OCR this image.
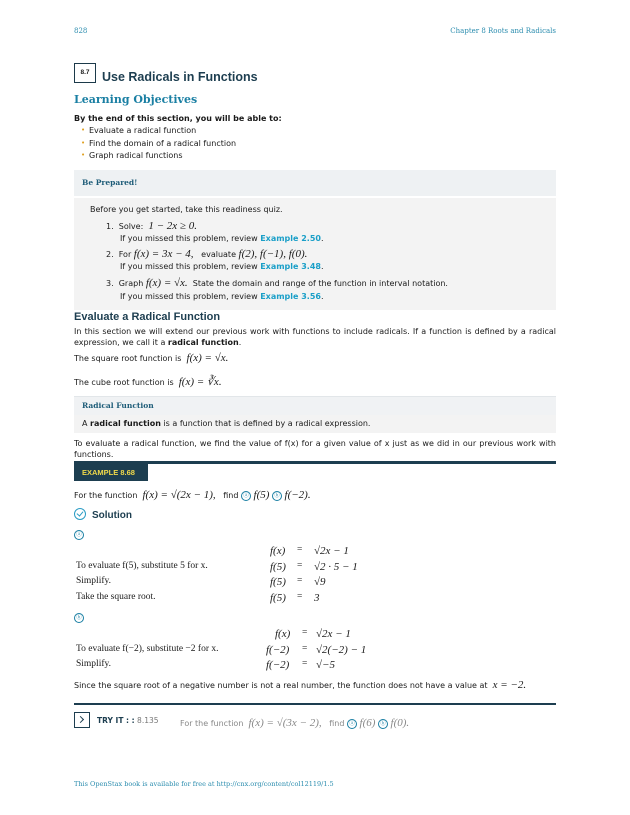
828	Chapter 8 Roots and Radicals
8.7 Use Radicals in Functions
Learning Objectives
By the end of this section, you will be able to:
• Evaluate a radical function
• Find the domain of a radical function
• Graph radical functions
Be Prepared!
Before you get started, take this readiness quiz.
1. Solve: 1 − 2x ≥ 0.
If you missed this problem, review Example 2.50.
2. For f(x) = 3x − 4, evaluate f(2), f(−1), f(0).
If you missed this problem, review Example 3.48.
3. Graph f(x) = √x. State the domain and range of the function in interval notation.
If you missed this problem, review Example 3.56.
Evaluate a Radical Function
In this section we will extend our previous work with functions to include radicals. If a function is defined by a radical expression, we call it a radical function.
The square root function is f(x) = √x.
The cube root function is f(x) = ∛x.
Radical Function
A radical function is a function that is defined by a radical expression.
To evaluate a radical function, we find the value of f(x) for a given value of x just as we did in our previous work with functions.
EXAMPLE 8.68
For the function f(x) = √(2x − 1), find ⓐ f(5) ⓑ f(−2).
Solution
ⓐ
f(x) = √2x − 1
To evaluate f(5), substitute 5 for x.	f(5) = √2 · 5 − 1
Simplify.	f(5) = √9
Take the square root.	f(5) = 3
ⓑ
f(x) = √2x − 1
To evaluate f(−2), substitute −2 for x.	f(−2) = √2(−2) − 1
Simplify.	f(−2) = √−5
Since the square root of a negative number is not a real number, the function does not have a value at x = −2.
TRY IT : : 8.135	For the function f(x) = √(3x − 2), find ⓐ f(6) ⓑ f(0).
This OpenStax book is available for free at http://cnx.org/content/col12119/1.5
